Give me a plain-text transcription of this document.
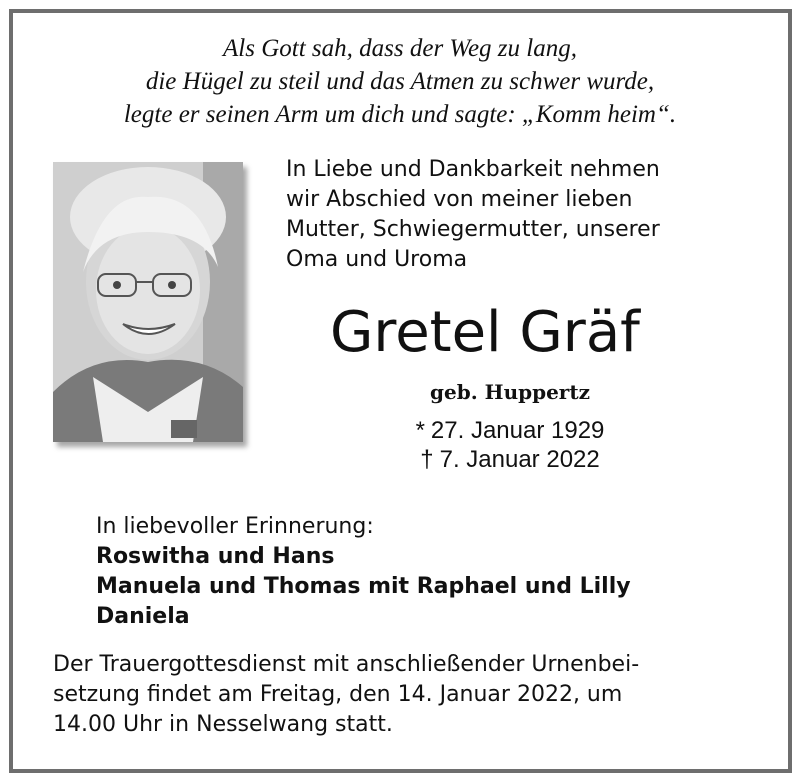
Als Gott sah, dass der Weg zu lang,
die Hügel zu steil und das Atmen zu schwer wurde,
legte er seinen Arm um dich und sagte: „Komm heim“.
In Liebe und Dankbarkeit nehmen
wir Abschied von meiner lieben
Mutter, Schwiegermutter, unserer
Oma und Uroma
Gretel Gräf
geb. Huppertz
* 27. Januar 1929
† 7. Januar 2022
In liebevoller Erinnerung:
Roswitha und Hans
Manuela und Thomas mit Raphael und Lilly
Daniela
Der Trauergottesdienst mit anschließender Urnenbei-
setzung findet am Freitag, den 14. Januar 2022, um
14.00 Uhr in Nesselwang statt.
